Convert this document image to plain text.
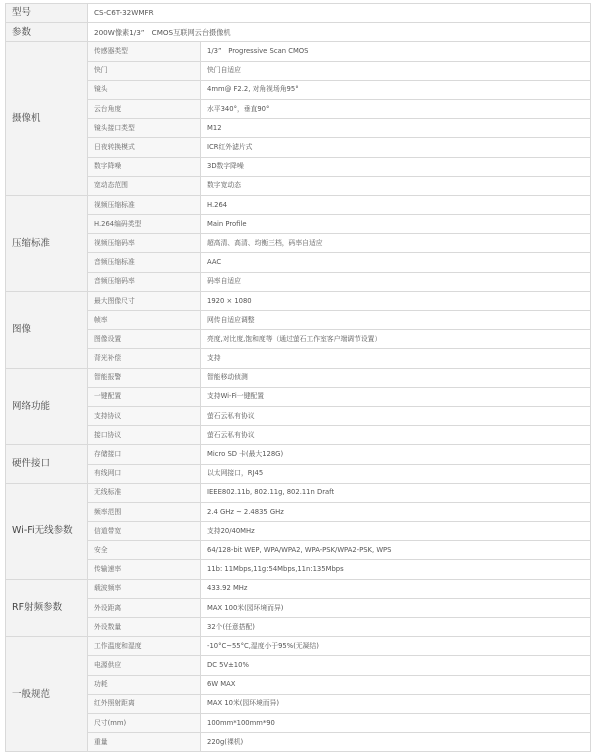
型号	CS-C6T-32WMFR	
参数	200W像素1/3”　CMOS互联网云台摄像机	
摄像机	传感器类型	1/3”　Progressive Scan CMOS
	快门	快门自适应
	镜头	4mm@ F2.2, 对角视场角95°
	云台角度	水平340°，垂直90°
	镜头接口类型	M12
	日夜转换模式	ICR红外滤片式
	数字降噪	3D数字降噪
	宽动态范围	数字宽动态
压缩标准	视频压缩标准	H.264
	H.264编码类型	Main Profile
	视频压缩码率	超高清、高清、均衡三档，码率自适应
	音频压缩标准	AAC
	音频压缩码率	码率自适应
图像	最大图像尺寸	1920 × 1080
	帧率	网传自适应调整
	图像设置	亮度,对比度,饱和度等（通过萤石工作室客户端调节设置）
	背光补偿	支持
网络功能	智能报警	智能移动侦测
	一键配置	支持Wi-Fi一键配置
	支持协议	萤石云私有协议
	接口协议	萤石云私有协议
硬件接口	存储接口	Micro SD 卡(最大128G)
	有线网口	以太网接口，RJ45
Wi-Fi无线参数	无线标准	IEEE802.11b, 802.11g, 802.11n Draft
	频率范围	2.4 GHz ~ 2.4835 GHz
	信道带宽	支持20/40MHz
	安全	64/128-bit WEP, WPA/WPA2, WPA-PSK/WPA2-PSK, WPS
	传输速率	11b: 11Mbps,11g:54Mbps,11n:135Mbps
RF射频参数	载波频率	433.92 MHz
	外设距离	MAX 100米(园环境而异)
	外设数量	32个(任意搭配)
一般规范	工作温度和湿度	-10°C~55°C,湿度小于95%(无凝结)
	电源供应	DC 5V±10%
	功耗	6W MAX
	红外照射距离	MAX 10米(园环境而异)
	尺寸(mm)	100mm*100mm*90
	重量	220g(裸机)
